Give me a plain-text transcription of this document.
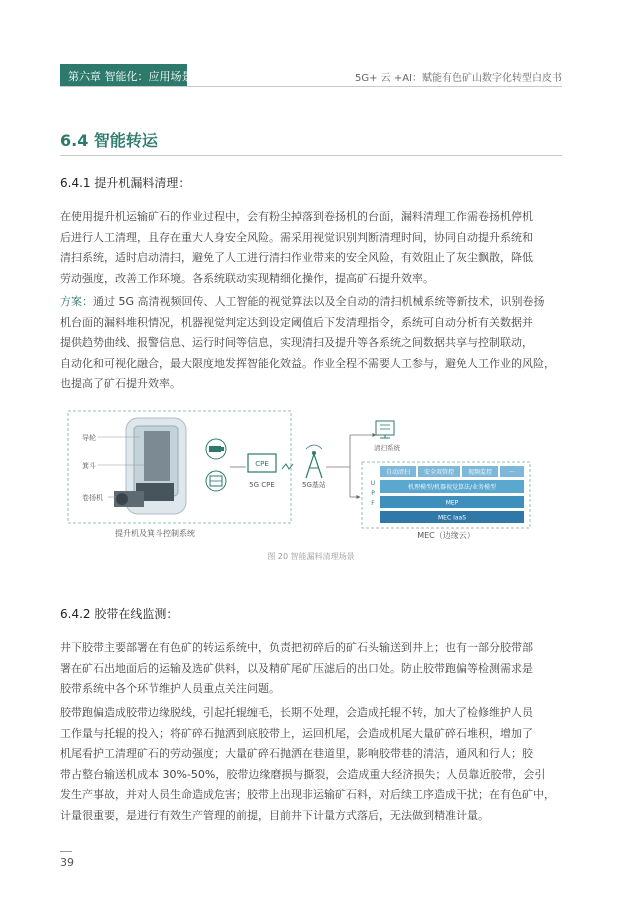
第六章 智能化：应用场景	5G+ 云 +AI：赋能有色矿山数字化转型白皮书
6.4 智能转运
6.4.1 提升机漏料清理：
在使用提升机运输矿石的作业过程中，会有粉尘掉落到卷扬机的台面，漏料清理工作需卷扬机停机
后进行人工清理，且存在重大人身安全风险。需采用视觉识别判断清理时间，协同自动提升系统和
清扫系统，适时启动清扫，避免了人工进行清扫作业带来的安全风险，有效阻止了灰尘飘散，降低
劳动强度，改善工作环境。各系统联动实现精细化操作，提高矿石提升效率。
方案：通过 5G 高清视频回传、人工智能的视觉算法以及全自动的清扫机械系统等新技术，识别卷扬
机台面的漏料堆积情况，机器视觉判定达到设定阈值后下发清理指令，系统可自动分析有关数据并
提供趋势曲线、报警信息、运行时间等信息，实现清扫及提升等各系统之间数据共享与控制联动，
自动化和可视化融合，最大限度地发挥智能化效益。作业全程不需要人工参与，避免人工作业的风险，
也提高了矿石提升效率。
导轮
箕斗
卷扬机
提升机及箕斗控制系统
CPE
5G CPE	5G基站
清扫系统
U
P
F
自动清扫 安全双管控 视频监控	···
机理模型/机器视觉算法/业务模型
MEP
MEC IaaS
MEC（边缘云）
图 20 智能漏料清理场景
6.4.2 胶带在线监测：
井下胶带主要部署在有色矿的转运系统中，负责把初碎后的矿石头输送到井上；也有一部分胶带部
署在矿石出地面后的运输及选矿供料，以及精矿尾矿压滤后的出口处。防止胶带跑偏等检测需求是
胶带系统中各个环节维护人员重点关注问题。
胶带跑偏造成胶带边缘脱线，引起托辊缠毛，长期不处理，会造成托辊不转，加大了检修维护人员
工作量与托辊的投入；将矿碎石抛洒到底胶带上，运回机尾，会造成机尾大量矿碎石堆积，增加了
机尾看护工清理矿石的劳动强度；大量矿碎石抛洒在巷道里，影响胶带巷的清洁，通风和行人；胶
带占整台输送机成本 30%-50%，胶带边缘磨损与撕裂，会造成重大经济损失；人员靠近胶带，会引
发生产事故，并对人员生命造成危害；胶带上出现非运输矿石料，对后续工序造成干扰；在有色矿中，
计量很重要，是进行有效生产管理的前提，目前井下计量方式落后，无法做到精准计量。
39
